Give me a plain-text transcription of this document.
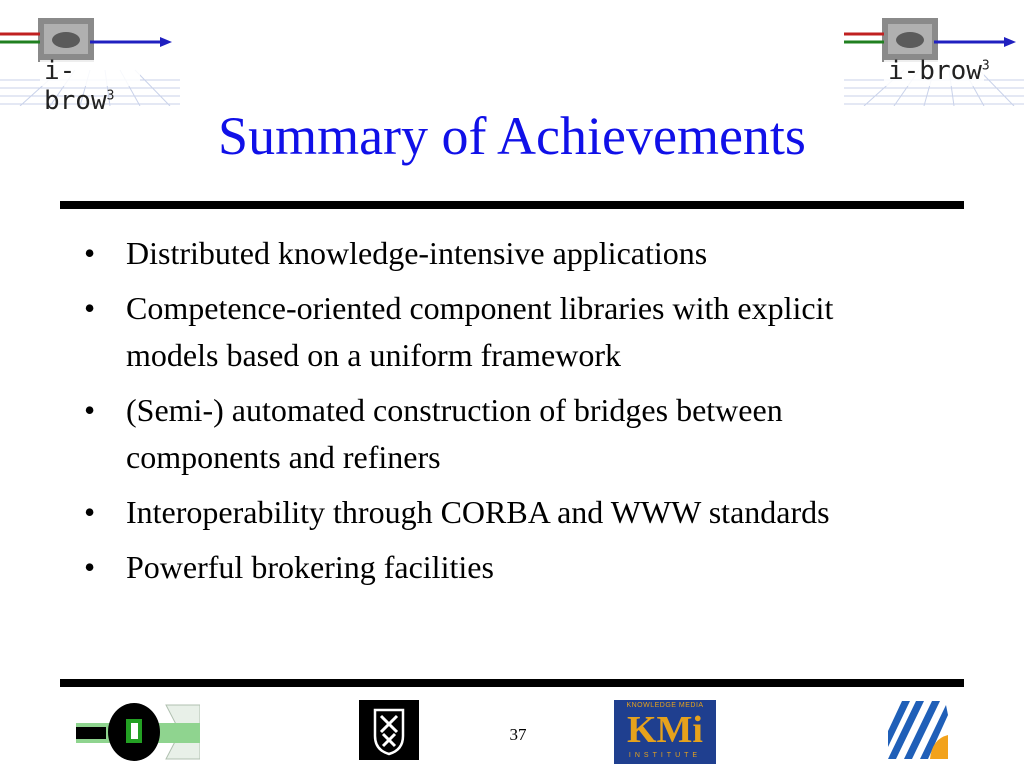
i-brow$^3$
i-brow$^3$
Summary of Achievements
• Distributed knowledge-intensive applications
• Competence-oriented component libraries with explicit models based on a uniform framework
• (Semi-) automated construction of bridges between components and refiners
• Interoperability through CORBA and WWW standards
• Powerful brokering facilities
37
KNOWLEDGE MEDIA
KMi
INSTITUTE
